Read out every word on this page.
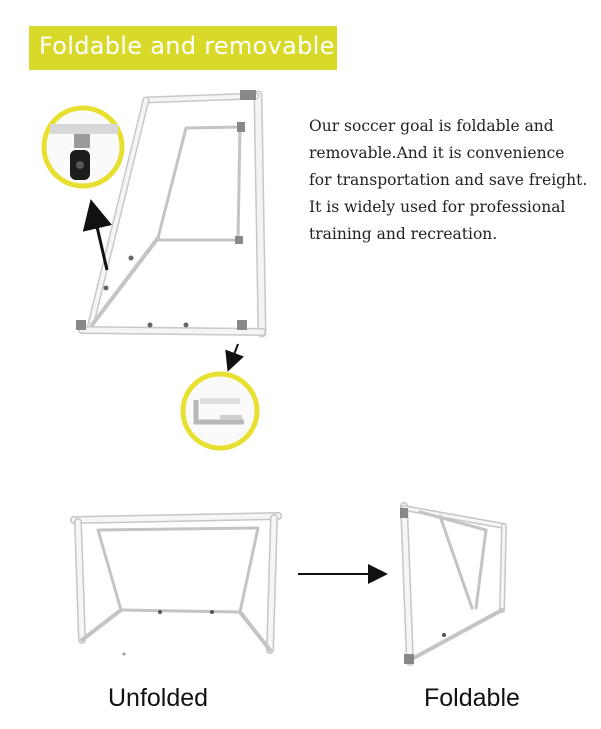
Foldable and removable

Our soccer goal is foldable and
removable.And it is convenience
for transportation and save freight.
It is widely used for professional
training and recreation.

Unfolded	Foldable
